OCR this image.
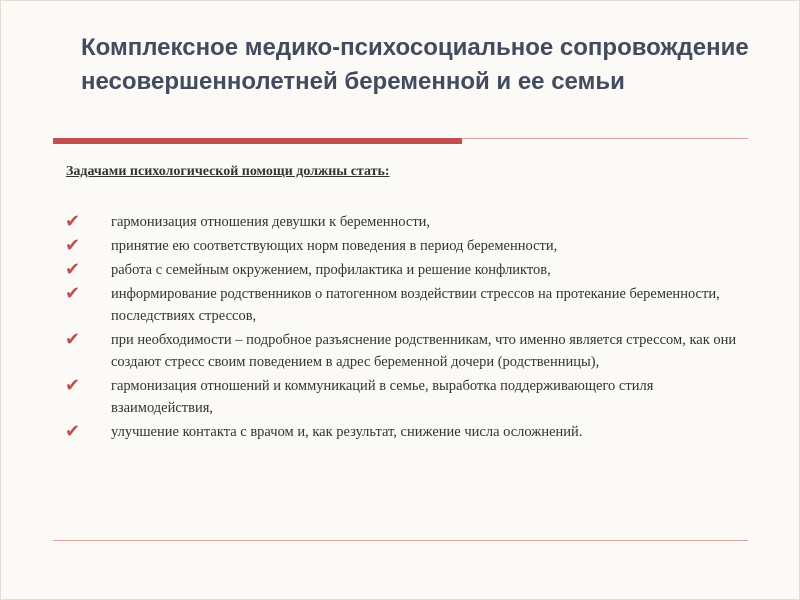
Комплексное медико-психосоциальное сопровождение несовершеннолетней беременной и ее семьи

Задачами психологической помощи должны стать:

✔ гармонизация отношения девушки к беременности,
✔ принятие ею соответствующих норм поведения в период беременности,
✔ работа с семейным окружением, профилактика и решение конфликтов,
✔ информирование родственников о патогенном воздействии стрессов на протекание беременности, последствиях стрессов,
✔ при необходимости – подробное разъяснение родственникам, что именно является стрессом, как они создают стресс своим поведением в адрес беременной дочери (родственницы),
✔ гармонизация отношений и коммуникаций в семье, выработка поддерживающего стиля взаимодействия,
✔ улучшение контакта с врачом и, как результат, снижение числа осложнений.
